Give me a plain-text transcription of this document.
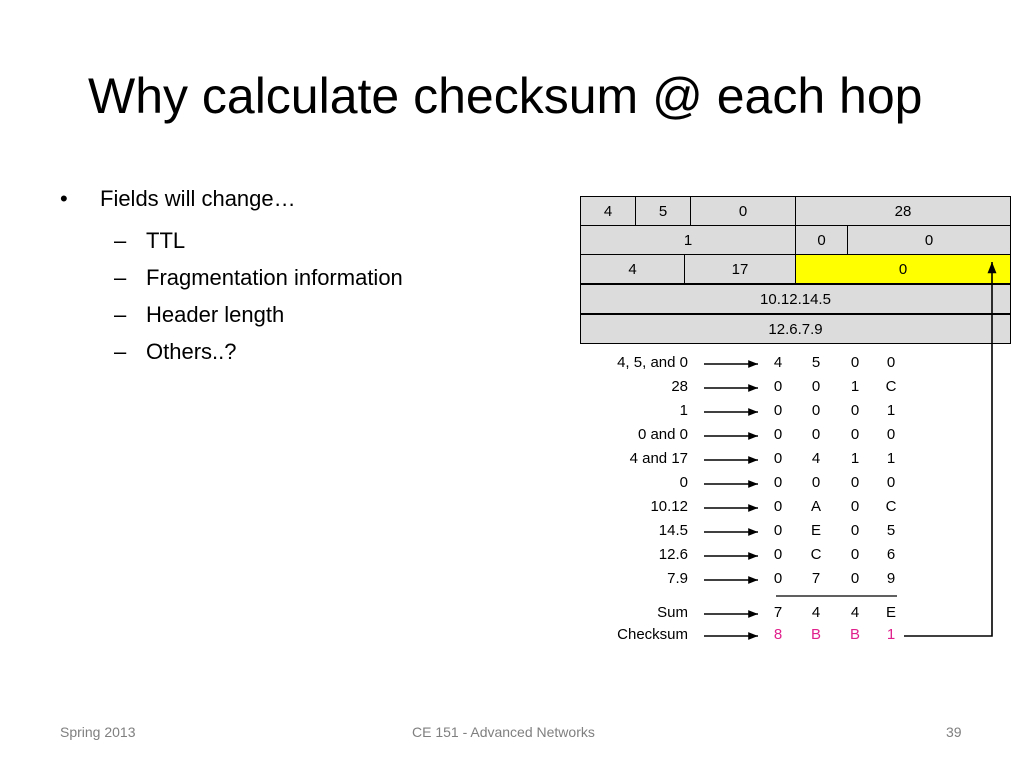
Why calculate checksum @ each hop
• Fields will change…
– TTL
– Fragmentation information
– Header length
– Others..?
4	5	0	28
1	0	0
4	17	0
10.12.14.5
12.6.7.9
4, 5, and 0	4	5	0	0
28	0	0	1	C
1	0	0	0	1
0 and 0	0	0	0	0
4 and 17	0	4	1	1
0	0	0	0	0
10.12	0	A	0	C
14.5	0	E	0	5
12.6	0	C	0	6
7.9	0	7	0	9
Sum	7	4	4	E
Checksum	8	B	B	1
Spring 2013	CE 151 - Advanced Networks	39
